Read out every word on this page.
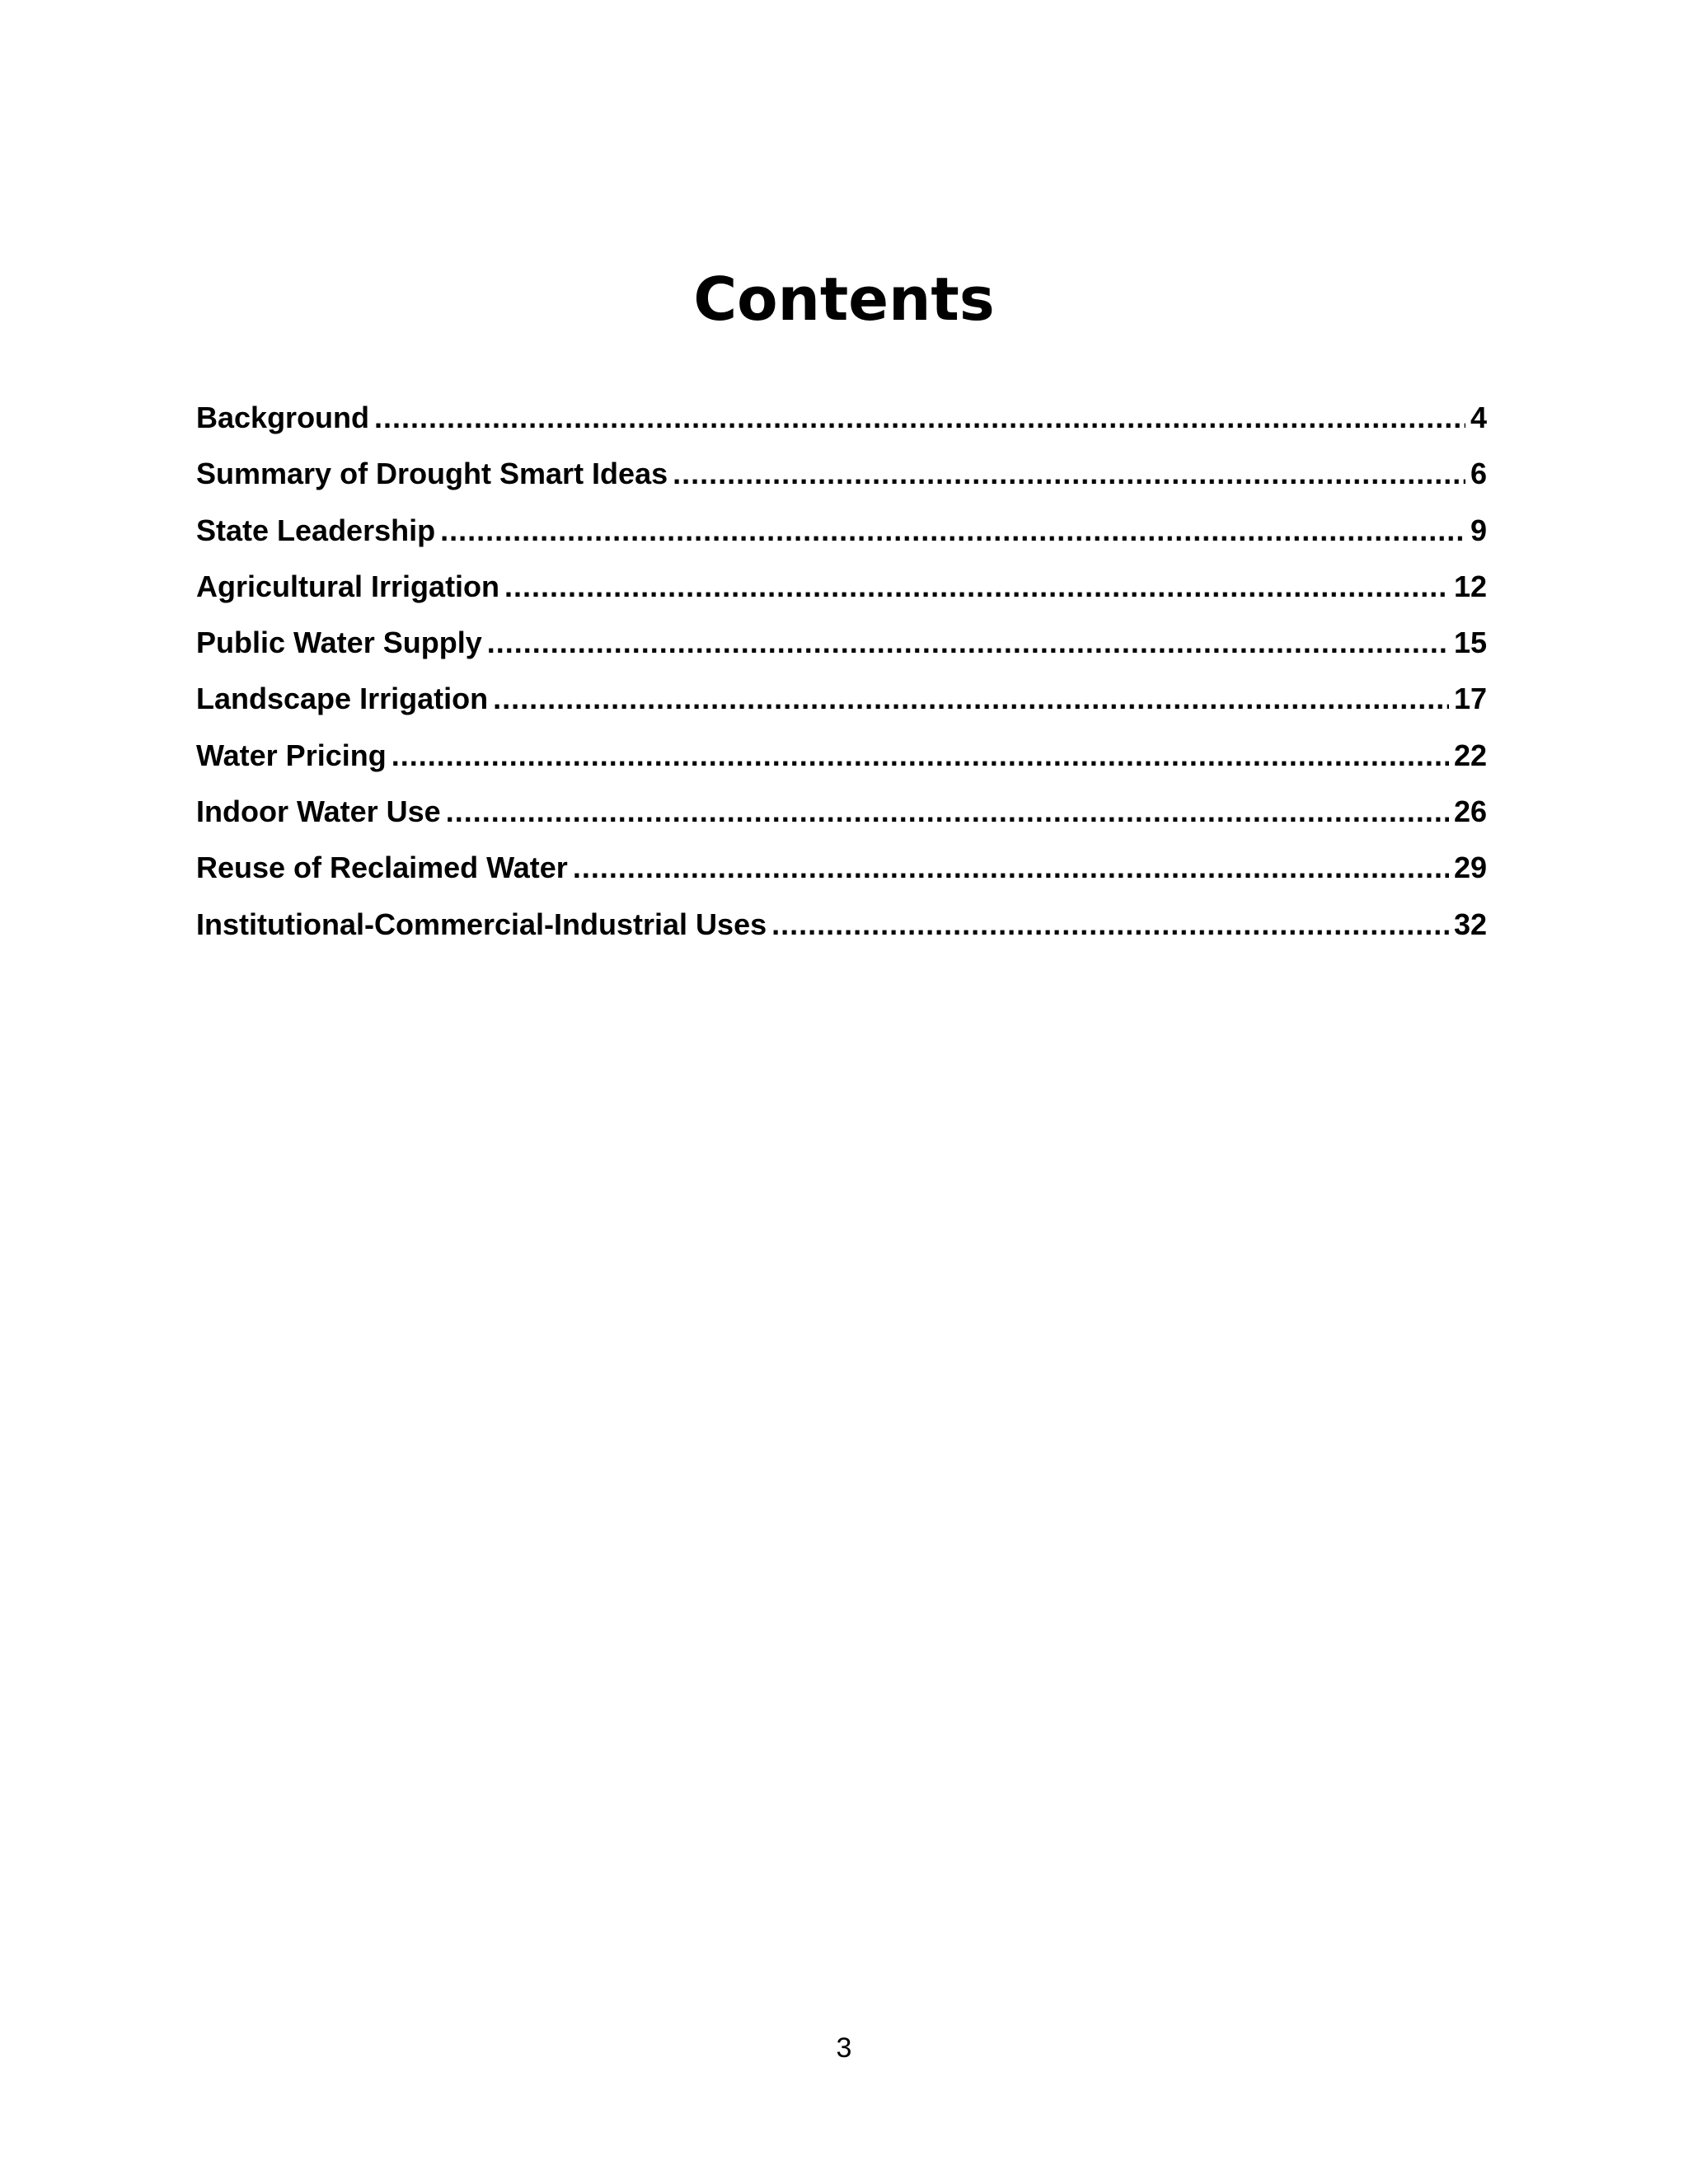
Contents
Background .....	4
Summary of Drought Smart Ideas .....	6
State Leadership .....	9
Agricultural Irrigation .....	12
Public Water Supply .....	15
Landscape Irrigation .....	17
Water Pricing .....	22
Indoor Water Use .....	26
Reuse of Reclaimed Water .....	29
Institutional-Commercial-Industrial Uses .....	32
3
